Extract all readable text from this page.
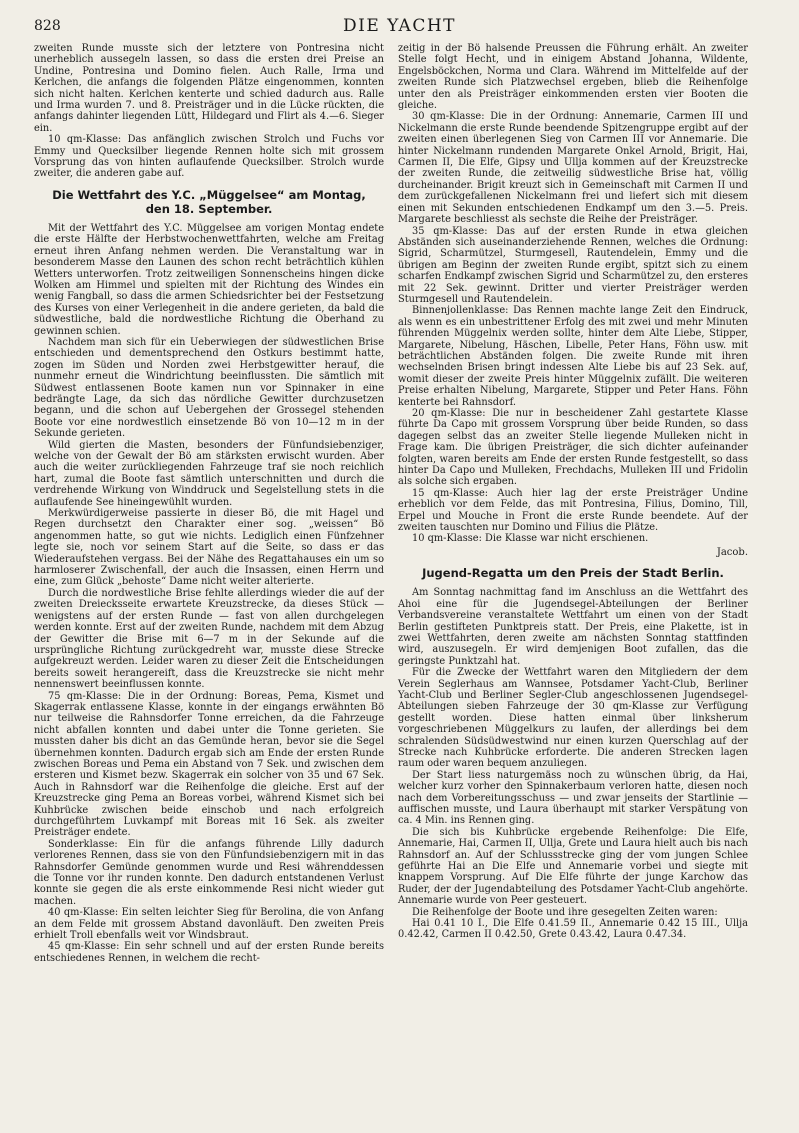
828	DIE YACHT

zweiten Runde musste sich der letztere von Pontresina nicht unerheblich aussegeln lassen, so dass die ersten drei Preise an Undine, Pontresina und Domino fielen. Auch Ralle, Irma und Kerlchen, die anfangs die folgenden Plätze eingenommen, konnten sich nicht halten. Kerlchen kenterte und schied dadurch aus. Ralle und Irma wurden 7. und 8. Preisträger und in die Lücke rückten, die anfangs dahinter liegenden Lütt, Hildegard und Flirt als 4.—6. Sieger ein.

10 qm-Klasse: Das anfänglich zwischen Strolch und Fuchs vor Emmy und Quecksilber liegende Rennen holte sich mit grossem Vorsprung das von hinten auflaufende Quecksilber. Strolch wurde zweiter, die anderen gabe auf.

Die Wettfahrt des Y.C. „Müggelsee“ am Montag,
den 18. September.

Mit der Wettfahrt des Y.C. Müggelsee am vorigen Montag endete die erste Hälfte der Herbstwochenwettfahrten, welche am Freitag erneut ihren Anfang nehmen werden. Die Veranstaltung war in besonderem Masse den Launen des schon recht beträchtlich kühlen Wetters unterworfen. Trotz zeitweiligen Sonnenscheins hingen dicke Wolken am Himmel und spielten mit der Richtung des Windes ein wenig Fangball, so dass die armen Schiedsrichter bei der Festsetzung des Kurses von einer Verlegenheit in die andere gerieten, da bald die südwestliche, bald die nordwestliche Richtung die Oberhand zu gewinnen schien.

Nachdem man sich für ein Ueberwiegen der südwestlichen Brise entschieden und dementsprechend den Ostkurs bestimmt hatte, zogen im Süden und Norden zwei Herbstgewitter herauf, die nunmehr erneut die Windrichtung beeinflussten. Die sämtlich mit Südwest entlassenen Boote kamen nun vor Spinnaker in eine bedrängte Lage, da sich das nördliche Gewitter durchzusetzen begann, und die schon auf Uebergehen der Grossegel stehenden Boote vor eine nordwestlich einsetzende Bö von 10—12 m in der Sekunde gerieten.

Wild gierten die Masten, besonders der Fünfundsiebenziger, welche von der Gewalt der Bö am stärksten erwischt wurden. Aber auch die weiter zurückliegenden Fahrzeuge traf sie noch reichlich hart, zumal die Boote fast sämtlich unterschnitten und durch die verdrehende Wirkung von Winddruck und Segelstellung stets in die auflaufende See hineingewühlt wurden.

Merkwürdigerweise passierte in dieser Bö, die mit Hagel und Regen durchsetzt den Charakter einer sog. „weissen“ Bö angenommen hatte, so gut wie nichts. Lediglich einen Fünfzehner legte sie, noch vor seinem Start auf die Seite, so dass er das Wiederaufstehen vergass. Bei der Nähe des Regattahauses ein um so harmloserer Zwischenfall, der auch die Insassen, einen Herrn und eine, zum Glück „behoste“ Dame nicht weiter alterierte.

Durch die nordwestliche Brise fehlte allerdings wieder die auf der zweiten Dreiecksseite erwartete Kreuzstrecke, da dieses Stück — wenigstens auf der ersten Runde — fast von allen durchgelegen werden konnte. Erst auf der zweiten Runde, nachdem mit dem Abzug der Gewitter die Brise mit 6—7 m in der Sekunde auf die ursprüngliche Richtung zurückgedreht war, musste diese Strecke aufgekreuzt werden. Leider waren zu dieser Zeit die Entscheidungen bereits soweit herangereift, dass die Kreuzstrecke sie nicht mehr nennenswert beeinflussen konnte.

75 qm-Klasse: Die in der Ordnung: Boreas, Pema, Kismet und Skagerrak entlassene Klasse, konnte in der eingangs erwähnten Bö nur teilweise die Rahnsdorfer Tonne erreichen, da die Fahrzeuge nicht abfallen konnten und dabei unter die Tonne gerieten. Sie mussten daher bis dicht an das Gemünde heran, bevor sie die Segel übernehmen konnten. Dadurch ergab sich am Ende der ersten Runde zwischen Boreas und Pema ein Abstand von 7 Sek. und zwischen dem ersteren und Kismet bezw. Skagerrak ein solcher von 35 und 67 Sek. Auch in Rahnsdorf war die Reihenfolge die gleiche. Erst auf der Kreuzstrecke ging Pema an Boreas vorbei, während Kismet sich bei Kuhbrücke zwischen beide einschob und nach erfolgreich durchgeführtem Luvkampf mit Boreas mit 16 Sek. als zweiter Preisträger endete.

Sonderklasse: Ein für die anfangs führende Lilly dadurch verlorenes Rennen, dass sie von den Fünfundsiebenzigern mit in das Rahnsdorfer Gemünde genommen wurde und Resi währenddessen die Tonne vor ihr runden konnte. Den dadurch entstandenen Verlust konnte sie gegen die als erste einkommende Resi nicht wieder gut machen.

40 qm-Klasse: Ein selten leichter Sieg für Berolina, die von Anfang an dem Felde mit grossem Abstand davonläuft. Den zweiten Preis erhielt Troll ebenfalls weit vor Windsbraut.

45 qm-Klasse: Ein sehr schnell und auf der ersten Runde bereits entschiedenes Rennen, in welchem die recht-

zeitig in der Bö halsende Preussen die Führung erhält. An zweiter Stelle folgt Hecht, und in einigem Abstand Johanna, Wildente, Engelsböckchen, Norma und Clara. Während im Mittelfelde auf der zweiten Runde sich Platzwechsel ergeben, blieb die Reihenfolge unter den als Preisträger einkommenden ersten vier Booten die gleiche.

30 qm-Klasse: Die in der Ordnung: Annemarie, Carmen III und Nickelmann die erste Runde beendende Spitzengruppe ergibt auf der zweiten einen überlegenen Sieg von Carmen III vor Annemarie. Die hinter Nickelmann rundenden Margarete Onkel Arnold, Brigit, Hai, Carmen II, Die Elfe, Gipsy und Ullja kommen auf der Kreuzstrecke der zweiten Runde, die zeitweilig südwestliche Brise hat, völlig durcheinander. Brigit kreuzt sich in Gemeinschaft mit Carmen II und dem zurückgefallenen Nickelmann frei und liefert sich mit diesem einen mit Sekunden entschiedenen Endkampf um den 3.—5. Preis. Margarete beschliesst als sechste die Reihe der Preisträger.

35 qm-Klasse: Das auf der ersten Runde in etwa gleichen Abständen sich auseinanderziehende Rennen, welches die Ordnung: Sigrid, Scharmützel, Sturmgesell, Rautendelein, Emmy und die übrigen am Beginn der zweiten Runde ergibt, spitzt sich zu einem scharfen Endkampf zwischen Sigrid und Scharmützel zu, den ersteres mit 22 Sek. gewinnt. Dritter und vierter Preisträger werden Sturmgesell und Rautendelein.

Binnenjollenklasse: Das Rennen machte lange Zeit den Eindruck, als wenn es ein unbestrittener Erfolg des mit zwei und mehr Minuten führenden Müggelnix werden sollte, hinter dem Alte Liebe, Stipper, Margarete, Nibelung, Häschen, Libelle, Peter Hans, Föhn usw. mit beträchtlichen Abständen folgen. Die zweite Runde mit ihren wechselnden Brisen bringt indessen Alte Liebe bis auf 23 Sek. auf, womit dieser der zweite Preis hinter Müggelnix zufällt. Die weiteren Preise erhalten Nibelung, Margarete, Stipper und Peter Hans. Föhn kenterte bei Rahnsdorf.

20 qm-Klasse: Die nur in bescheidener Zahl gestartete Klasse führte Da Capo mit grossem Vorsprung über beide Runden, so dass dagegen selbst das an zweiter Stelle liegende Mulleken nicht in Frage kam. Die übrigen Preisträger, die sich dichter aufeinander folgten, waren bereits am Ende der ersten Runde festgestellt, so dass hinter Da Capo und Mulleken, Frechdachs, Mulleken III und Fridolin als solche sich ergaben.

15 qm-Klasse: Auch hier lag der erste Preisträger Undine erheblich vor dem Felde, das mit Pontresina, Filius, Domino, Till, Erpel und Mouche in Front die erste Runde beendete. Auf der zweiten tauschten nur Domino und Filius die Plätze.

10 qm-Klasse: Die Klasse war nicht erschienen.

Jacob.
Jugend-Regatta um den Preis der Stadt Berlin.

Am Sonntag nachmittag fand im Anschluss an die Wettfahrt des Ahoi eine für die Jugendsegel-Abteilungen der Berliner Verbandsvereine veranstaltete Wettfahrt um einen von der Stadt Berlin gestifteten Punktpreis statt. Der Preis, eine Plakette, ist in zwei Wettfahrten, deren zweite am nächsten Sonntag stattfinden wird, auszusegeln. Er wird demjenigen Boot zufallen, das die geringste Punktzahl hat.

Für die Zwecke der Wettfahrt waren den Mitgliedern der dem Verein Seglerhaus am Wannsee, Potsdamer Yacht-Club, Berliner Yacht-Club und Berliner Segler-Club angeschlossenen Jugendsegel-Abteilungen sieben Fahrzeuge der 30 qm-Klasse zur Verfügung gestellt worden. Diese hatten einmal über linksherum vorgeschriebenen Müggelkurs zu laufen, der allerdings bei dem schralenden Südsüdwestwind nur einen kurzen Querschlag auf der Strecke nach Kuhbrücke erforderte. Die anderen Strecken lagen raum oder waren bequem anzuliegen.

Der Start liess naturgemäss noch zu wünschen übrig, da Hai, welcher kurz vorher den Spinnakerbaum verloren hatte, diesen noch nach dem Vorbereitungsschuss — und zwar jenseits der Startlinie — auffischen musste, und Laura überhaupt mit starker Verspätung von ca. 4 Min. ins Rennen ging.

Die sich bis Kuhbrücke ergebende Reihenfolge: Die Elfe, Annemarie, Hai, Carmen II, Ullja, Grete und Laura hielt auch bis nach Rahnsdorf an. Auf der Schlussstrecke ging der vom jungen Schlee geführte Hai an Die Elfe und Annemarie vorbei und siegte mit knappem Vorsprung. Auf Die Elfe führte der junge Karchow das Ruder, der der Jugendabteilung des Potsdamer Yacht-Club angehörte. Annemarie wurde von Peer gesteuert.

Die Reihenfolge der Boote und ihre gesegelten Zeiten waren:

Hai 0.41 10 I., Die Elfe 0.41.59 II., Annemarie 0.42 15 III., Ullja 0.42.42, Carmen II 0.42.50, Grete 0.43.42, Laura 0.47.34.
